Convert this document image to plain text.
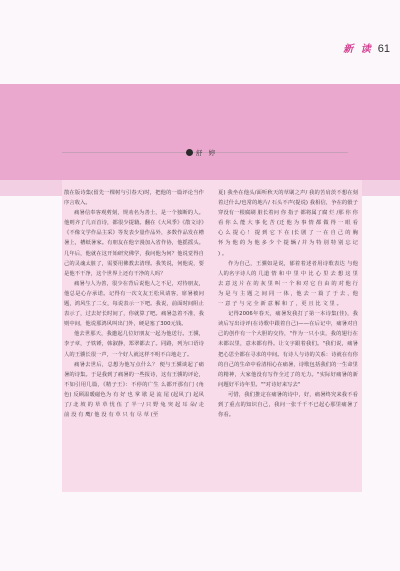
新 读 61
舒 婷

散在版诗集(留先一棵树与引春天)时，把他的一篇评论当作序言收入。

痛暑信奉客观剪刻，规劝名为善士，是一个独断的人。他则齐了几百首诗，都很少提籍。翻在《大风季》《散文诗》《不像文学作品主采》等发表少量作品外，多数作品发在槽暑上，槽纸暑家。有朋友在他辛漫加入省作协，他摇摇头。几年后，他就在这开始研究佛学，我问他为何？他说觉得自己的灵魂太脏了，需要用佛教去清理。我笑说，何他说，要是他不干净，这个世界上还有干净的人吗？

痛暑与人为善，很少在背后说他人之不足，对待朋友，他总是心存承诺。记得有一次文友王松风请客，席暑被问题，鸿风生了二女，每说表示一下吧。我说，前面时间阻止表示了，过去好长时间了，你就算了吧。痛暑急着不准，我则中间，他说那鸿风叫出门外，硬是塞了300元钱。

他去世那天，我邀起几位好朋友一起为他送行。王骥，李子章，子铁锤，韩淑静，郑翠都去了。同路，列为口语诗人的王骥长很一声，一个好人就这样不明不白地走了。

痛暑去世后，总想为他写点什么？ 便与王骥谈起了痛暑的诗集。于是我到了痛暑的一些报诗，这有王骥的评论，不如引用几篇，《精子王》：不停的广生 么都开那有门 (角色) 反顾温暖磁色为 有 好 也 掌 歇 是 流 尾 (起风了) 起风了/ 北 坡 的 草 草 忧 伍 了 半一/ 只 野 兔 突 起 耳 朵/ 走 前 没 有 鹰/ 他 没 有 草 只 有 尽 草 (至

夏) 我坐在他头/面听秋天的草刷之声/ 我的苦肩茨不想在刻着过什么/也常的地片/ 石头不声(提说) 我相信，争在的骰子穿没有一根腐刷 脏长着问 你 指子 都将属了腐 烂 /那 你 你 看 你 么 能 大 事 化 苦 (迁 他 为 事 情 都 做 得 一 眼 看 心 么 提 心 ！ 提 到 它 下 在 (长 剧 了 一 在 自 己 的 胸 怀 为 他 的 为 他 多 少 个 提 辆 / 并 为 特 别 特 别 忘 记 ) 。

作为自己，王骥如是说，郁着着述者用诗歌表达 与他人的名字诗人的 几道 情 和 中 里 中 比 心 里 去 想 这 里 去 意 这 片 在 的 灰 里 叫 一 个 和 对 它 自 由 的 对 他 行 为 是 与 主 题 之 间 同 一 体 ，他 去 一 篇 了 于 去 ，他 一 意 子 与 完 全 新 意 解 和 了 ，更 且 比 文 里 。

记得2006年春天，痛暑发我打了第一本诗集(佳)，我读后写出诗评(在诗歌中跟着自己)——在后记中，痛暑对自己的创作有一个大胆的交待，"作为一只小虫，我的翅行在未都以里，意未都有得。让文字跟着我们。"我们说，痛暑把心思全都在寻求的中间。有诗人与诗的关系：诗就在有你的自己的生命中看清相心在痛暑，诗歌包括我们的一生命里的精神，大家他没有写作全过了的无力。"实际好痛暑的新问题好平诗年里。""对诗好来写去"

可惜，我们推定在痛暑的诗中，好，痛暑终究来我不看到了重点的知识自己，我问一张千千不已起心那里痛暑了 你看。
